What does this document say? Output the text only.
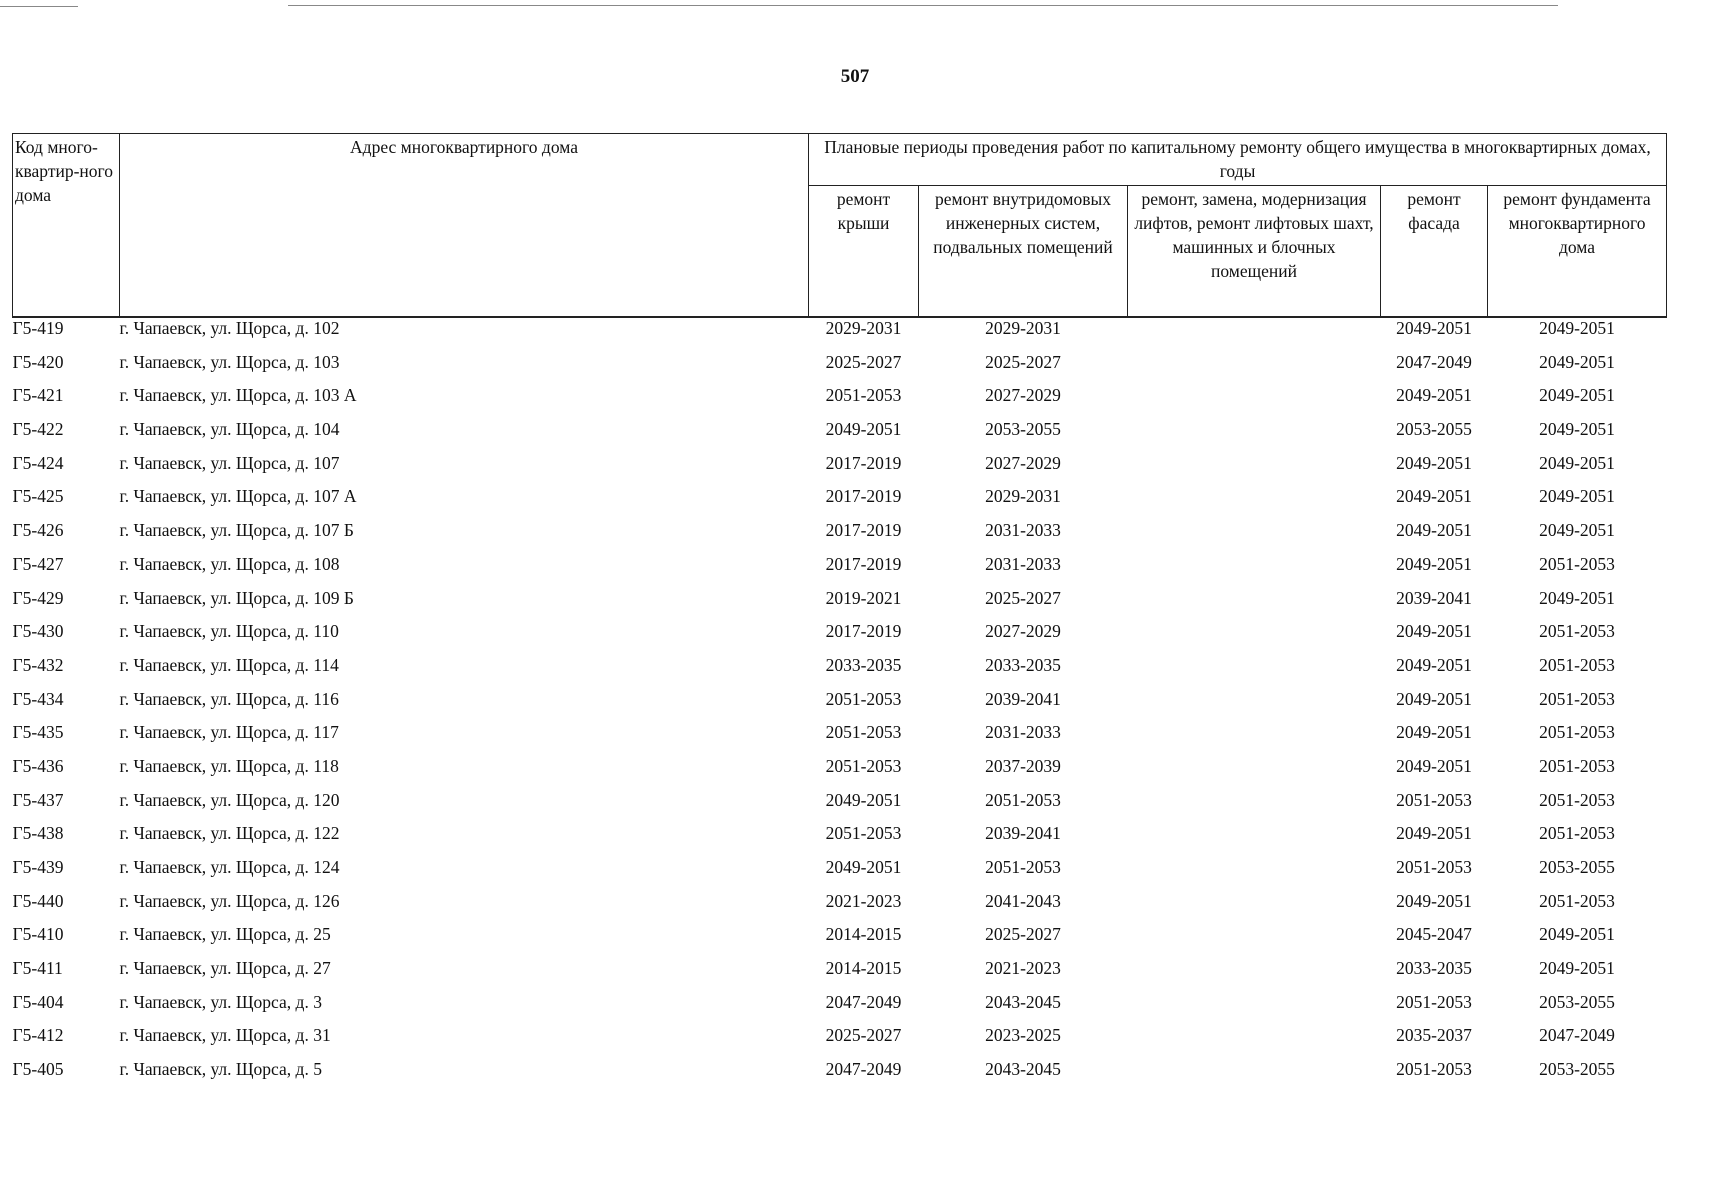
507
Код много-квартир-ного дома	Адрес многоквартирного дома	Плановые периоды проведения работ по капитальному ремонту общего имущества в многоквартирных домах, годы				
		ремонт крыши	ремонт внутридомовых инженерных систем, подвальных помещений	ремонт, замена, модернизация лифтов, ремонт лифтовых шахт, машинных и блочных помещений	ремонт фасада	ремонт фундамента многоквартирного дома
Г5-419	г. Чапаевск, ул. Щорса, д. 102	2029-2031	2029-2031		2049-2051	2049-2051
Г5-420	г. Чапаевск, ул. Щорса, д. 103	2025-2027	2025-2027		2047-2049	2049-2051
Г5-421	г. Чапаевск, ул. Щорса, д. 103 А	2051-2053	2027-2029		2049-2051	2049-2051
Г5-422	г. Чапаевск, ул. Щорса, д. 104	2049-2051	2053-2055		2053-2055	2049-2051
Г5-424	г. Чапаевск, ул. Щорса, д. 107	2017-2019	2027-2029		2049-2051	2049-2051
Г5-425	г. Чапаевск, ул. Щорса, д. 107 А	2017-2019	2029-2031		2049-2051	2049-2051
Г5-426	г. Чапаевск, ул. Щорса, д. 107 Б	2017-2019	2031-2033		2049-2051	2049-2051
Г5-427	г. Чапаевск, ул. Щорса, д. 108	2017-2019	2031-2033		2049-2051	2051-2053
Г5-429	г. Чапаевск, ул. Щорса, д. 109 Б	2019-2021	2025-2027		2039-2041	2049-2051
Г5-430	г. Чапаевск, ул. Щорса, д. 110	2017-2019	2027-2029		2049-2051	2051-2053
Г5-432	г. Чапаевск, ул. Щорса, д. 114	2033-2035	2033-2035		2049-2051	2051-2053
Г5-434	г. Чапаевск, ул. Щорса, д. 116	2051-2053	2039-2041		2049-2051	2051-2053
Г5-435	г. Чапаевск, ул. Щорса, д. 117	2051-2053	2031-2033		2049-2051	2051-2053
Г5-436	г. Чапаевск, ул. Щорса, д. 118	2051-2053	2037-2039		2049-2051	2051-2053
Г5-437	г. Чапаевск, ул. Щорса, д. 120	2049-2051	2051-2053		2051-2053	2051-2053
Г5-438	г. Чапаевск, ул. Щорса, д. 122	2051-2053	2039-2041		2049-2051	2051-2053
Г5-439	г. Чапаевск, ул. Щорса, д. 124	2049-2051	2051-2053		2051-2053	2053-2055
Г5-440	г. Чапаевск, ул. Щорса, д. 126	2021-2023	2041-2043		2049-2051	2051-2053
Г5-410	г. Чапаевск, ул. Щорса, д. 25	2014-2015	2025-2027		2045-2047	2049-2051
Г5-411	г. Чапаевск, ул. Щорса, д. 27	2014-2015	2021-2023		2033-2035	2049-2051
Г5-404	г. Чапаевск, ул. Щорса, д. 3	2047-2049	2043-2045		2051-2053	2053-2055
Г5-412	г. Чапаевск, ул. Щорса, д. 31	2025-2027	2023-2025		2035-2037	2047-2049
Г5-405	г. Чапаевск, ул. Щорса, д. 5	2047-2049	2043-2045		2051-2053	2053-2055
